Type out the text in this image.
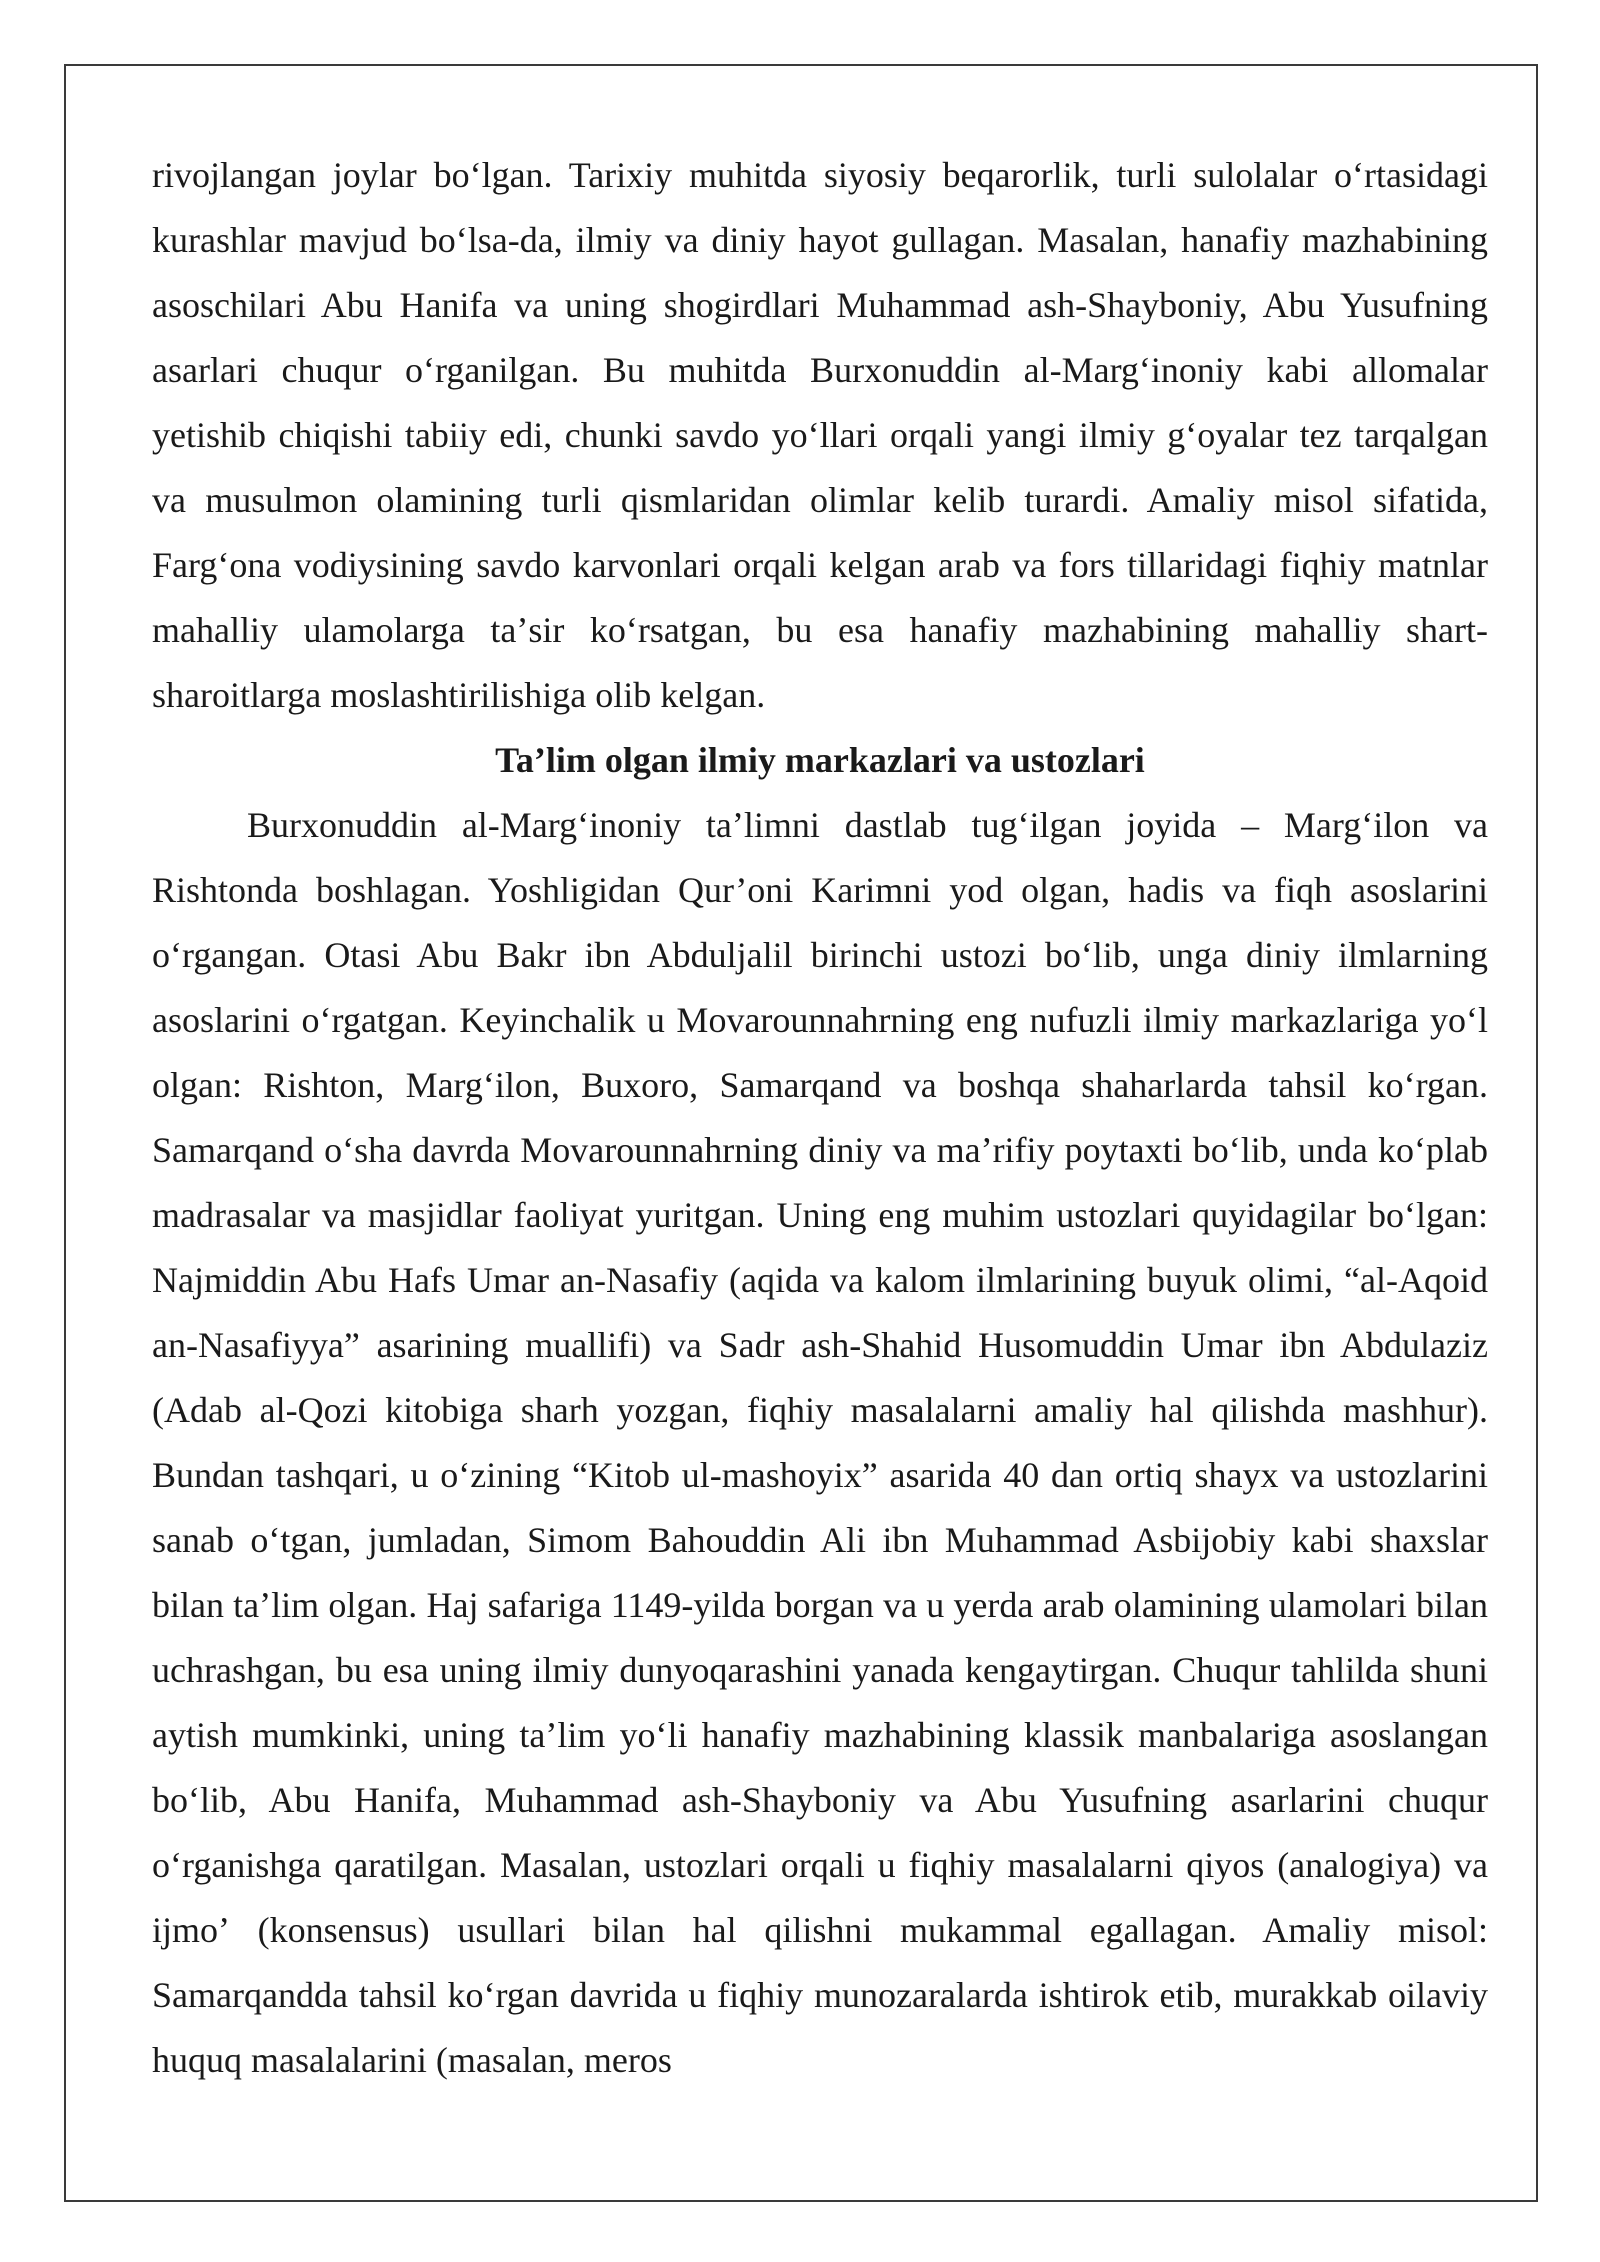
rivojlangan joylar boʻlgan. Tarixiy muhitda siyosiy beqarorlik, turli sulolalar oʻrtasidagi kurashlar mavjud boʻlsa-da, ilmiy va diniy hayot gullagan. Masalan, hanafiy mazhabining asoschilari Abu Hanifa va uning shogirdlari Muhammad ash-Shayboniy, Abu Yusufning asarlari chuqur oʻrganilgan. Bu muhitda Burxonuddin al-Margʻinoniy kabi allomalar yetishib chiqishi tabiiy edi, chunki savdo yoʻllari orqali yangi ilmiy gʻoyalar tez tarqalgan va musulmon olamining turli qismlaridan olimlar kelib turardi. Amaliy misol sifatida, Fargʻona vodiysining savdo karvonlari orqali kelgan arab va fors tillaridagi fiqhiy matnlar mahalliy ulamolarga taʼsir koʻrsatgan, bu esa hanafiy mazhabining mahalliy shart-sharoitlarga moslashtirilishiga olib kelgan.

Ta’lim olgan ilmiy markazlari va ustozlari

Burxonuddin al-Margʻinoniy taʼlimni dastlab tugʻilgan joyida – Margʻilon va Rishtonda boshlagan. Yoshligidan Qur’oni Karimni yod olgan, hadis va fiqh asoslarini oʻrgangan. Otasi Abu Bakr ibn Abduljalil birinchi ustozi boʻlib, unga diniy ilmlarning asoslarini oʻrgatgan. Keyinchalik u Movarounnahrning eng nufuzli ilmiy markazlariga yoʻl olgan: Rishton, Margʻilon, Buxoro, Samarqand va boshqa shaharlarda tahsil koʻrgan. Samarqand oʻsha davrda Movarounnahrning diniy va maʼrifiy poytaxti boʻlib, unda koʻplab madrasalar va masjidlar faoliyat yuritgan. Uning eng muhim ustozlari quyidagilar boʻlgan: Najmiddin Abu Hafs Umar an-Nasafiy (aqida va kalom ilmlarining buyuk olimi, “al-Aqoid an-Nasafiyya” asarining muallifi) va Sadr ash-Shahid Husomuddin Umar ibn Abdulaziz (Adab al-Qozi kitobiga sharh yozgan, fiqhiy masalalarni amaliy hal qilishda mashhur). Bundan tashqari, u oʻzining “Kitob ul-mashoyix” asarida 40 dan ortiq shayx va ustozlarini sanab oʻtgan, jumladan, Simom Bahouddin Ali ibn Muhammad Asbijobiy kabi shaxslar bilan taʼlim olgan. Haj safariga 1149-yilda borgan va u yerda arab olamining ulamolari bilan uchrashgan, bu esa uning ilmiy dunyoqarashini yanada kengaytirgan. Chuqur tahlilda shuni aytish mumkinki, uning taʼlim yoʻli hanafiy mazhabining klassik manbalariga asoslangan boʻlib, Abu Hanifa, Muhammad ash-Shayboniy va Abu Yusufning asarlarini chuqur oʻrganishga qaratilgan. Masalan, ustozlari orqali u fiqhiy masalalarni qiyos (analogiya) va ijmoʼ (konsensus) usullari bilan hal qilishni mukammal egallagan. Amaliy misol: Samarqandda tahsil koʻrgan davrida u fiqhiy munozaralarda ishtirok etib, murakkab oilaviy huquq masalalarini (masalan, meros
